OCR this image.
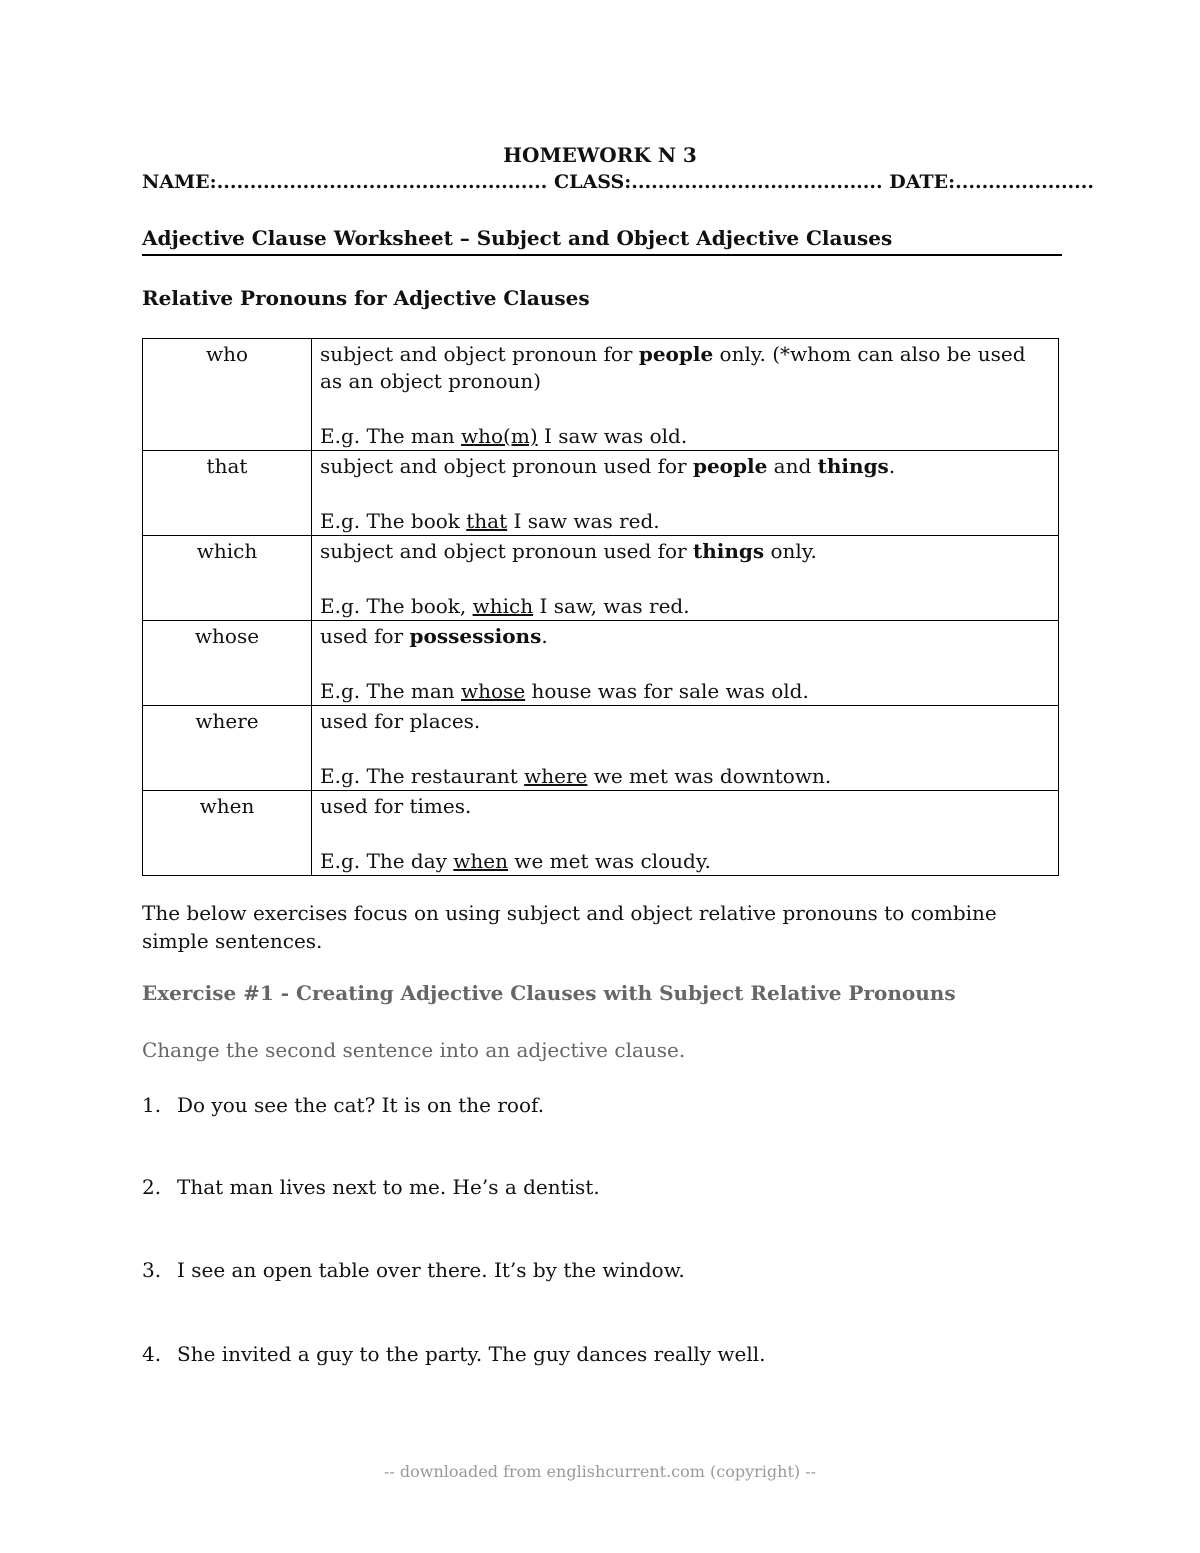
HOMEWORK N 3
NAME:.................................................. CLASS:...................................... DATE:.....................
Adjective Clause Worksheet – Subject and Object Adjective Clauses
Relative Pronouns for Adjective Clauses
who	subject and object pronoun for people only. (*whom can also be used as an object pronoun)

E.g. The man who(m) I saw was old.

that	subject and object pronoun used for people and things.

E.g. The book that I saw was red.

which	subject and object pronoun used for things only.

E.g. The book, which I saw, was red.

whose	used for possessions.

E.g. The man whose house was for sale was old.

where	used for places.

E.g. The restaurant where we met was downtown.

when	used for times.

E.g. The day when we met was cloudy.

The below exercises focus on using subject and object relative pronouns to combine simple sentences.
Exercise #1 - Creating Adjective Clauses with Subject Relative Pronouns
Change the second sentence into an adjective clause.
1. Do you see the cat? It is on the roof.
2. That man lives next to me. He’s a dentist.
3. I see an open table over there. It’s by the window.
4. She invited a guy to the party. The guy dances really well.
-- downloaded from englishcurrent.com (copyright) --
